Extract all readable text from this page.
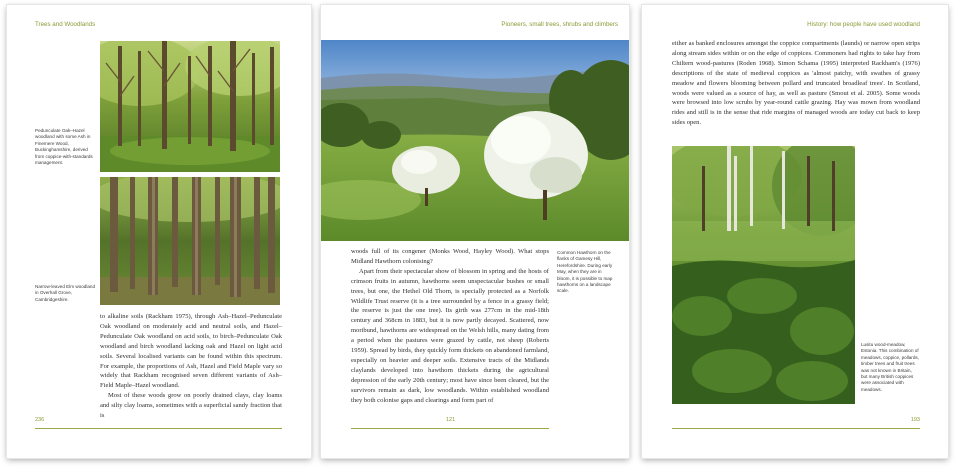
Trees and Woodlands
Pedunculate Oak–Hazel woodland with some Ash in Finemere Wood, Buckinghamshire, derived from coppice-with-standards management.
Narrow-leaved Elm woodland in Overhall Grove, Cambridgeshire.

to alkaline soils (Rackham 1975), through Ash–Hazel–Pedunculate Oak woodland on moderately acid and neutral soils, and Hazel–Pedunculate Oak woodland on acid soils, to birch–Pedunculate Oak woodland and birch woodland lacking oak and Hazel on light acid soils. Several localised variants can be found within this spectrum. For example, the proportions of Ash, Hazel and Field Maple vary so widely that Rackham recognised seven different variants of Ash–Field Maple–Hazel woodland.

Most of these woods grow on poorly drained clays, clay loams and silty clay loams, sometimes with a superficial sandy fraction that is

236
Pioneers, small trees, shrubs and climbers

woods full of its congener (Monks Wood, Hayley Wood). What stops Midland Hawthorn colonising?

Apart from their spectacular show of blossom in spring and the hosts of crimson fruits in autumn, hawthorns seem unspectacular bushes or small trees, but one, the Hethel Old Thorn, is specially protected as a Norfolk Wildlife Trust reserve (it is a tree surrounded by a fence in a grassy field; the reserve is just the one tree). Its girth was 277cm in the mid-18th century and 368cm in 1883, but it is now partly decayed. Scattered, now moribund, hawthorns are widespread on the Welsh hills, many dating from a period when the pastures were grazed by cattle, not sheep (Roberts 1959). Spread by birds, they quickly form thickets on abandoned farmland, especially on heavier and deeper soils. Extensive tracts of the Midlands claylands developed into hawthorn thickets during the agricultural depression of the early 20th century; most have since been cleared, but the survivors remain as dark, low woodlands. Within established woodland they both colonise gaps and clearings and form part of

Common Hawthorn on the flanks of Gamesy Hill, Herefordshire. During early May, when they are in bloom, it is possible to map hawthorns on a landscape scale.
121
History: how people have used woodland

either as banked enclosures amongst the coppice compartments (launds) or narrow open strips along stream sides within or on the edge of coppices. Commoners had rights to take hay from Chiltern wood-pastures (Roden 1968). Simon Schama (1995) interpreted Rackham's (1976) descriptions of the state of medieval coppices as 'almost patchy, with swathes of grassy meadow and flowers blooming between pollard and truncated broadleaf trees'. In Scotland, woods were valued as a source of hay, as well as pasture (Smout et al. 2005). Some woods were browsed into low scrubs by year-round cattle grazing. Hay was mown from woodland rides and still is in the sense that ride margins of managed woods are today cut back to keep sides open.

Lusitu wood-meadow, Estonia. This combination of meadows, coppice, pollards, timber trees and fruit trees was not known in Britain, but many British coppices were associated with meadows.
193
